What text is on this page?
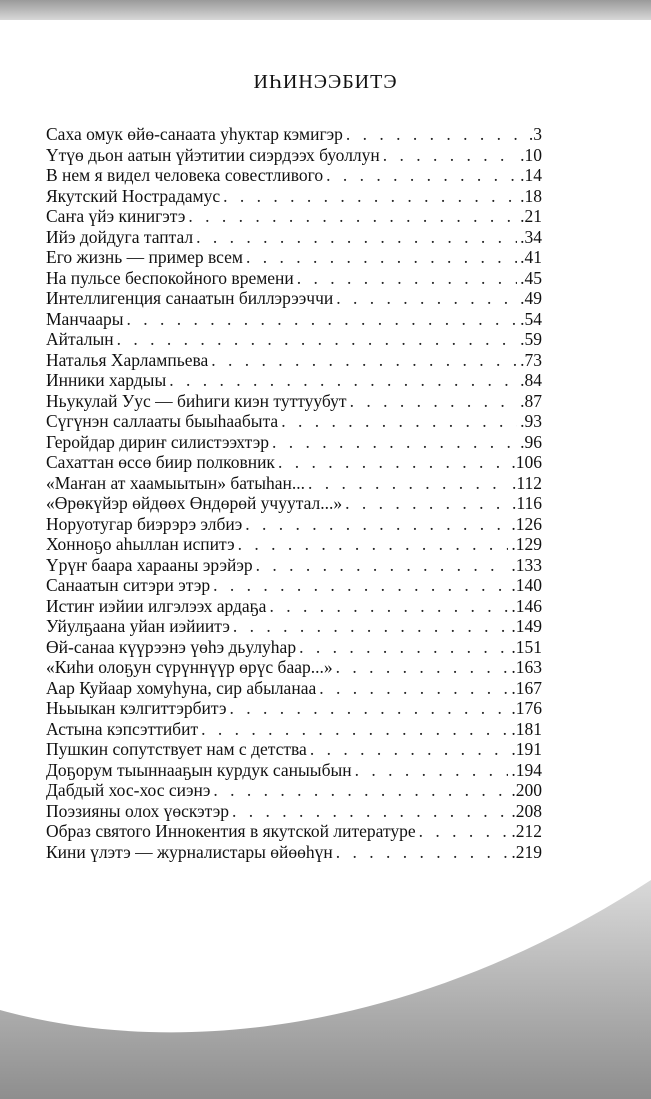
ИҺИНЭЭБИТЭ
Саха омук өйө-санаата уһуктар кэмигэр . . .	.3
Үтүө дьон аатын үйэтитии сиэрдээх буоллун . . .	.10
В нем я видел человека совестливого . . .	.14
Якутский Нострадамус . . .	.18
Саҥа үйэ кинигэтэ . . .	.21
Ийэ дойдуга таптал . . .	.34
Его жизнь — пример всем . . .	.41
На пульсе беспокойного времени . . .	.45
Интеллигенция санаатын биллэрээччи . . .	.49
Манчаары . . .	.54
Айталын . . .	.59
Наталья Харлампьева . . .	.73
Инники хардыы . . .	.84
Ньукулай Уус — биһиги киэн туттуубут . . .	.87
Сүгүнэн саллааты быыһаабыта . . .	.93
Геройдар дириҥ силистээхтэр . . .	.96
Сахаттан өссө биир полковник . . .	.106
«Маҥан ат хаамыытын» батыһан... . . .	.112
«Өрөкүйэр өйдөөх Өндөрөй учуутал...» . . .	.116
Норуотугар биэрэрэ элбиэ . . .	.126
Хонноҕо аһыллан испитэ . . .	.129
Үрүҥ баара харааны эрэйэр . . .	.133
Санаатын ситэри этэр . . .	.140
Истиҥ иэйии илгэлээх ардаҕа . . .	.146
Уйулҕаана уйан иэйиитэ . . .	.149
Өй-санаа күүрээнэ үөһэ дьулуһар . . .	.151
«Киһи олоҕун сүрүннүүр өрүс баар...» . . .	.163
Аар Куйаар хомуһуна, сир абыланаа . . .	.167
Ньыыкан кэлгиттэрбитэ . . .	.176
Астына кэпсэттибит . . .	.181
Пушкин сопутствует нам с детства . . .	.191
Доҕорум тыыннааҕын курдук саныыбын . . .	.194
Дабдый хос-хос сиэнэ . . .	.200
Поэзияны олох үөскэтэр . . .	.208
Образ святого Иннокентия в якутской литературе . . .	.212
Кини үлэтэ — журналистары өйөөһүн . . .	.219
